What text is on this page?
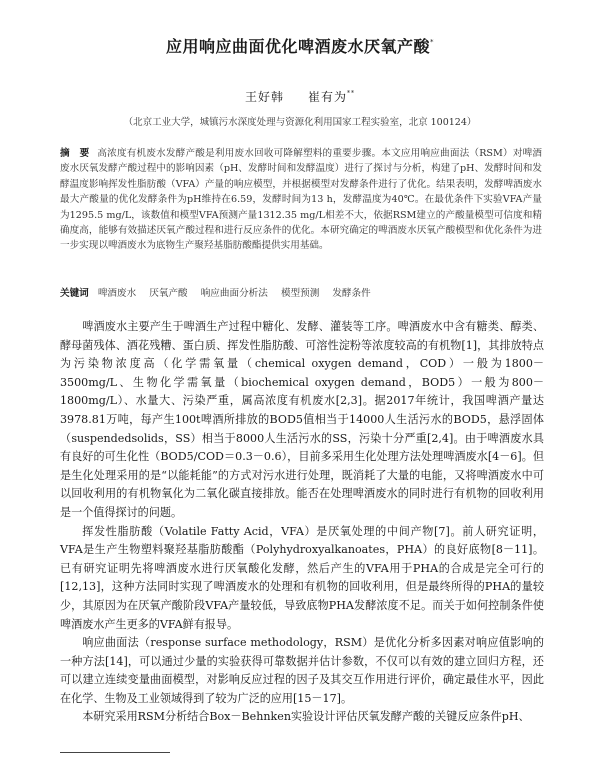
应用响应曲面优化啤酒废水厌氧产酸*
王好韩 崔有为**
（北京工业大学，城镇污水深度处理与资源化利用国家工程实验室，北京 100124）
摘　要 高浓度有机废水发酵产酸是利用废水回收可降解塑料的重要步骤。本文应用响应曲面法（RSM）对啤酒废水厌氧发酵产酸过程中的影响因素（pH、发酵时间和发酵温度）进行了探讨与分析，构建了pH、发酵时间和发酵温度影响挥发性脂肪酸（VFA）产量的响应模型，并根据模型对发酵条件进行了优化。结果表明，发酵啤酒废水最大产酸量的优化发酵条件为pH维持在6.59，发酵时间为13 h，发酵温度为40℃。在最优条件下实验VFA产量为1295.5 mg/L，该数值和模型VFA预测产量1312.35 mg/L相差不大，依据RSM建立的产酸量模型可信度和精确度高，能够有效描述厌氧产酸过程和进行反应条件的优化。本研究确定的啤酒废水厌氧产酸模型和优化条件为进一步实现以啤酒废水为底物生产聚羟基脂肪酸酯提供实用基础。
关键词 啤酒废水 厌氧产酸 响应曲面分析法 模型预测 发酵条件

啤酒废水主要产生于啤酒生产过程中糖化、发酵、灌装等工序。啤酒废水中含有糖类、醇类、酵母菌残体、酒花残糟、蛋白质、挥发性脂肪酸、可溶性淀粉等浓度较高的有机物[1]，其排放特点为污染物浓度高（化学需氧量（chemical oxygen demand，COD）一般为1800－3500mg/L、生物化学需氧量（biochemical oxygen demand，BOD5）一般为800－1800mg/L）、水量大、污染严重，属高浓度有机废水[2,3]。据2017年统计，我国啤酒产量达3978.81万吨，每产生100t啤酒所排放的BOD5值相当于14000人生活污水的BOD5，悬浮固体（suspendedsolids，SS）相当于8000人生活污水的SS，污染十分严重[2,4]。由于啤酒废水具有良好的可生化性（BOD5/COD＝0.3－0.6），目前多采用生化处理方法处理啤酒废水[4－6]。但是生化处理采用的是“以能耗能”的方式对污水进行处理，既消耗了大量的电能，又将啤酒废水中可以回收利用的有机物氧化为二氧化碳直接排放。能否在处理啤酒废水的同时进行有机物的回收利用是一个值得探讨的问题。

挥发性脂肪酸（Volatile Fatty Acid，VFA）是厌氧处理的中间产物[7]。前人研究证明，VFA是生产生物塑料聚羟基脂肪酸酯（Polyhydroxyalkanoates，PHA）的良好底物[8－11]。已有研究证明先将啤酒废水进行厌氧酸化发酵，然后产生的VFA用于PHA的合成是完全可行的[12,13]，这种方法同时实现了啤酒废水的处理和有机物的回收利用，但是最终所得的PHA的量较少，其原因为在厌氧产酸阶段VFA产量较低，导致底物PHA发酵浓度不足。而关于如何控制条件使啤酒废水产生更多的VFA鲜有报导。

响应曲面法（response surface methodology，RSM）是优化分析多因素对响应值影响的一种方法[14]，可以通过少量的实验获得可靠数据并估计参数，不仅可以有效的建立回归方程，还可以建立连续变量曲面模型，对影响反应过程的因子及其交互作用进行评价，确定最佳水平，因此在化学、生物及工业领域得到了较为广泛的应用[15－17]。

本研究采用RSM分析结合Box－Behnken实验设计评估厌氧发酵产酸的关键反应条件pH、
